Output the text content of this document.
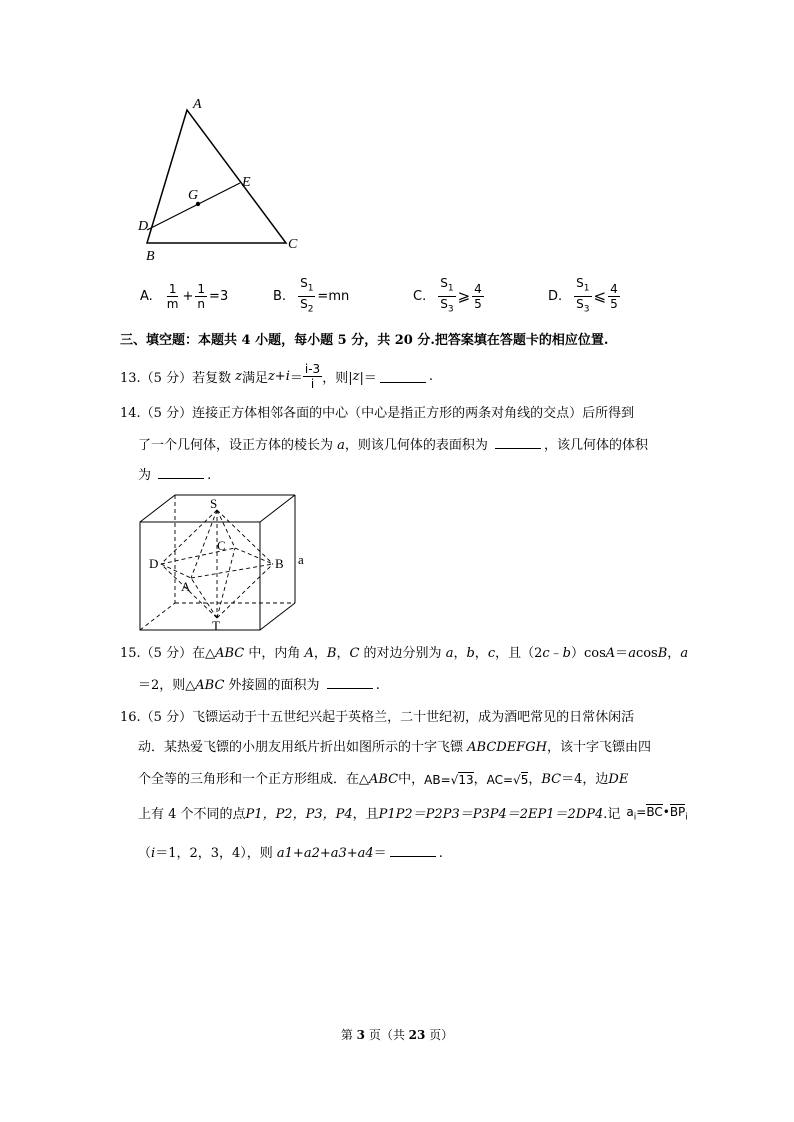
A
E
G
D
C
B
A. $\frac{1}{m} + \frac{1}{n} =3$	B. $\frac{S_1}{S_2} =mn$	C. $\frac{S_1}{S_3}$ ⩾ $\frac{4}{5}$	D. $\frac{S_1}{S_3}$ ⩽ $\frac{4}{5}$
三、填空题：本题共 4 小题，每小题 5 分，共 20 分.把答案填在答题卡的相应位置.
13.（5 分）若复数 z 满足 $z+i = \frac{i-3}{i}$ ，则| z |＝	.
14.（5 分）连接正方体相邻各面的中心（中心是指正方形的两条对角线的交点）后所得到
了一个几何体，设正方体的棱长为 a，则该几何体的表面积为	，该几何体的体积
为	.
S
C
D	B
A
T
a
15.（5 分）在△ABC 中，内角 A，B，C 的对边分别为 a，b，c，且（2c﹣b）cosA＝acosB，a
＝2，则△ABC 外接圆的面积为	.
16.（5 分）飞镖运动于十五世纪兴起于英格兰，二十世纪初，成为酒吧常见的日常休闲活
动．某热爱飞镖的小朋友用纸片折出如图所示的十字飞镖 ABCDEFGH，该十字飞镖由四
个全等的三角形和一个正方形组成．在△ ABC 中， AB= √13 ， AC= √5 ， BC ＝4，边 DE
上有 4 个不同的点 P1，P2，P3，P4 ，且 P1P2＝P2P3＝P3P4＝2EP1＝2DP4 .记 $a_i=BC•BP_i$
（i＝1，2，3，4），则 a1+a2+a3+a4＝	.
第 3 页（共 23 页）
